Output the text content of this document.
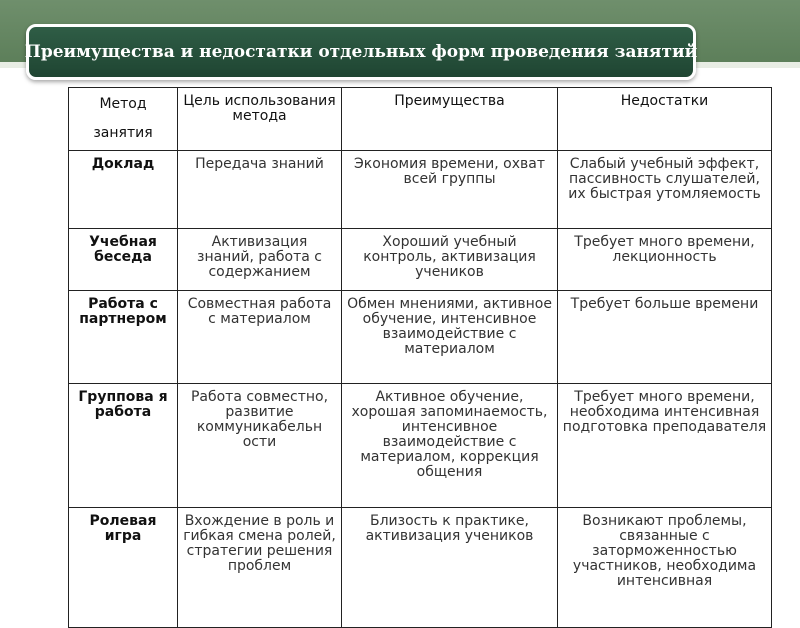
Преимущества и недостатки отдельных форм проведения занятий
Метод занятия	Цель использования метода	Преимущества	Недостатки
Доклад	Передача знаний	Экономия времени, охват всей группы	Слабый учебный эффект, пассивность слушателей, их быстрая утомляемость
Учебная беседа	Активизация знаний, работа с содержанием	Хороший учебный контроль, активизация учеников	Требует много времени, лекционность
Работа с партнером	Совместная работа с материалом	Обмен мнениями, активное обучение, интенсивное взаимодействие с материалом	Требует больше времени
Группова я работа	Работа совместно, развитие коммуникабельн ости	Активное обучение, хорошая запоминаемость, интенсивное взаимодействие с материалом, коррекция общения	Требует много времени, необходима интенсивная подготовка преподавателя
Ролевая игра	Вхождение в роль и гибкая смена ролей, стратегии решения проблем	Близость к практике, активизация учеников	Возникают проблемы, связанные с заторможенностью участников, необходима интенсивная
